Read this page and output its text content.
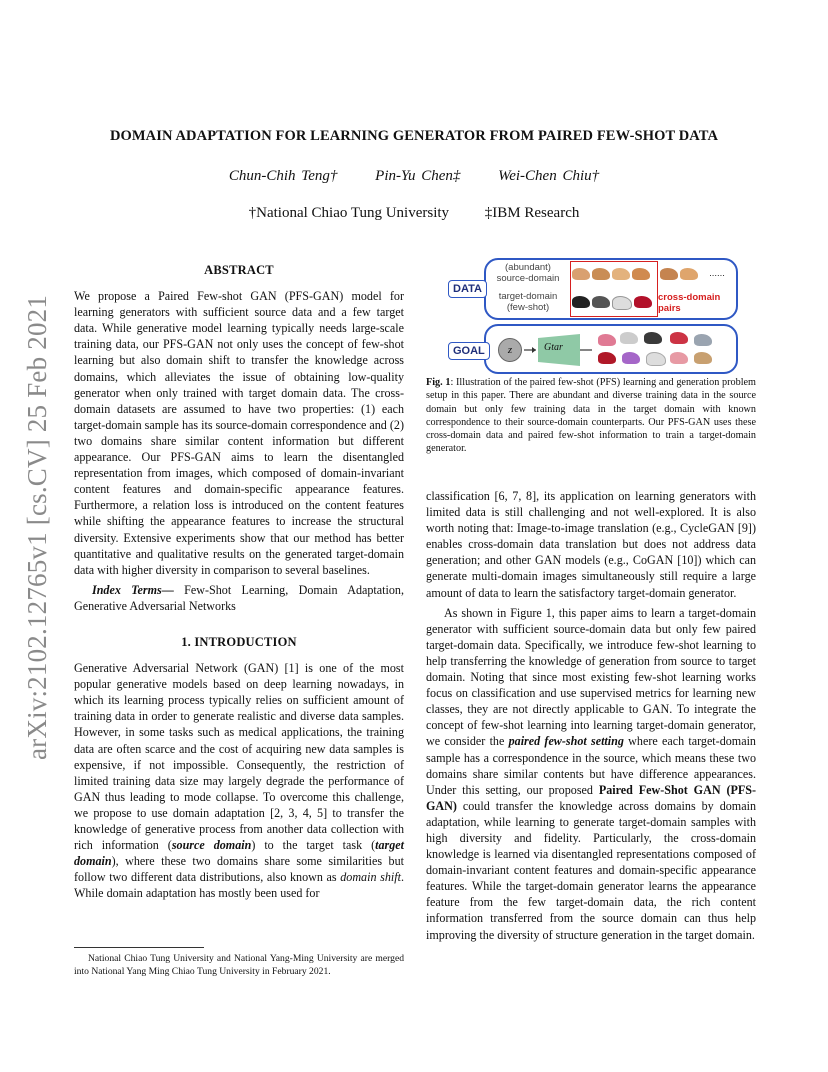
arXiv:2102.12765v1 [cs.CV] 25 Feb 2021
DOMAIN ADAPTATION FOR LEARNING GENERATOR FROM PAIRED FEW-SHOT DATA
Chun-Chih Teng†	Pin-Yu Chen‡	Wei-Chen Chiu†
†National Chiao Tung University ‡IBM Research
ABSTRACT

We propose a Paired Few-shot GAN (PFS-GAN) model for learning generators with sufficient source data and a few target data. While generative model learning typically needs large-scale training data, our PFS-GAN not only uses the concept of few-shot learning but also domain shift to transfer the knowledge across domains, which alleviates the issue of obtaining low-quality generator when only trained with target domain data. The cross-domain datasets are assumed to have two properties: (1) each target-domain sample has its source-domain correspondence and (2) two domains share similar content information but different appearance. Our PFS-GAN aims to learn the disentangled representation from images, which composed of domain-invariant content features and domain-specific appearance features. Furthermore, a relation loss is introduced on the content features while shifting the appearance features to increase the structural diversity. Extensive experiments show that our method has better quantitative and qualitative results on the generated target-domain data with higher diversity in comparison to several baselines.

Index Terms— Few-Shot Learning, Domain Adaptation, Generative Adversarial Networks

1. INTRODUCTION

Generative Adversarial Network (GAN) [1] is one of the most popular generative models based on deep learning nowadays, in which its learning process typically relies on sufficient amount of training data in order to generate realistic and diverse data samples. However, in some tasks such as medical applications, the training data are often scarce and the cost of acquiring new data samples is expensive, if not impossible. Consequently, the restriction of limited training data size may largely degrade the performance of GAN thus leading to mode collapse. To overcome this challenge, we propose to use domain adaptation [2, 3, 4, 5] to transfer the knowledge of generative process from another data collection with rich information (source domain) to the target task (target domain), where these two domains share some similarities but follow two different data distributions, also known as domain shift. While domain adaptation has mostly been used for

National Chiao Tung University and National Yang-Ming University are merged into National Yang Ming Chiao Tung University in February 2021.
DATA
(abundant)
source-domain
target-domain
(few-shot)
......
cross-domain
pairs
GOAL	z	Gtar
Fig. 1: Illustration of the paired few-shot (PFS) learning and generation problem setup in this paper. There are abundant and diverse training data in the source domain but only few training data in the target domain with known correspondence to their source-domain counterparts. Our PFS-GAN uses these cross-domain data and paired few-shot information to train a target-domain generator.

classification [6, 7, 8], its application on learning generators with limited data is still challenging and not well-explored. It is also worth noting that: Image-to-image translation (e.g., CycleGAN [9]) enables cross-domain data translation but does not address data generation; and other GAN models (e.g., CoGAN [10]) which can generate multi-domain images simultaneously still require a large amount of data to learn the satisfactory target-domain generator.

As shown in Figure 1, this paper aims to learn a target-domain generator with sufficient source-domain data but only few paired target-domain data. Specifically, we introduce few-shot learning to help transferring the knowledge of generation from source to target domain. Noting that since most existing few-shot learning works focus on classification and use supervised metrics for learning new classes, they are not directly applicable to GAN. To integrate the concept of few-shot learning into learning target-domain generator, we consider the paired few-shot setting where each target-domain sample has a correspondence in the source, which means these two domains share similar contents but have difference appearances. Under this setting, our proposed Paired Few-Shot GAN (PFS-GAN) could transfer the knowledge across domains by domain adaptation, while learning to generate target-domain samples with high diversity and fidelity. Particularly, the cross-domain knowledge is learned via disentangled representations composed of domain-invariant content features and domain-specific appearance features. While the target-domain generator learns the appearance feature from the few target-domain data, the rich content information transferred from the source domain can thus help improving the diversity of structure generation in the target domain.
